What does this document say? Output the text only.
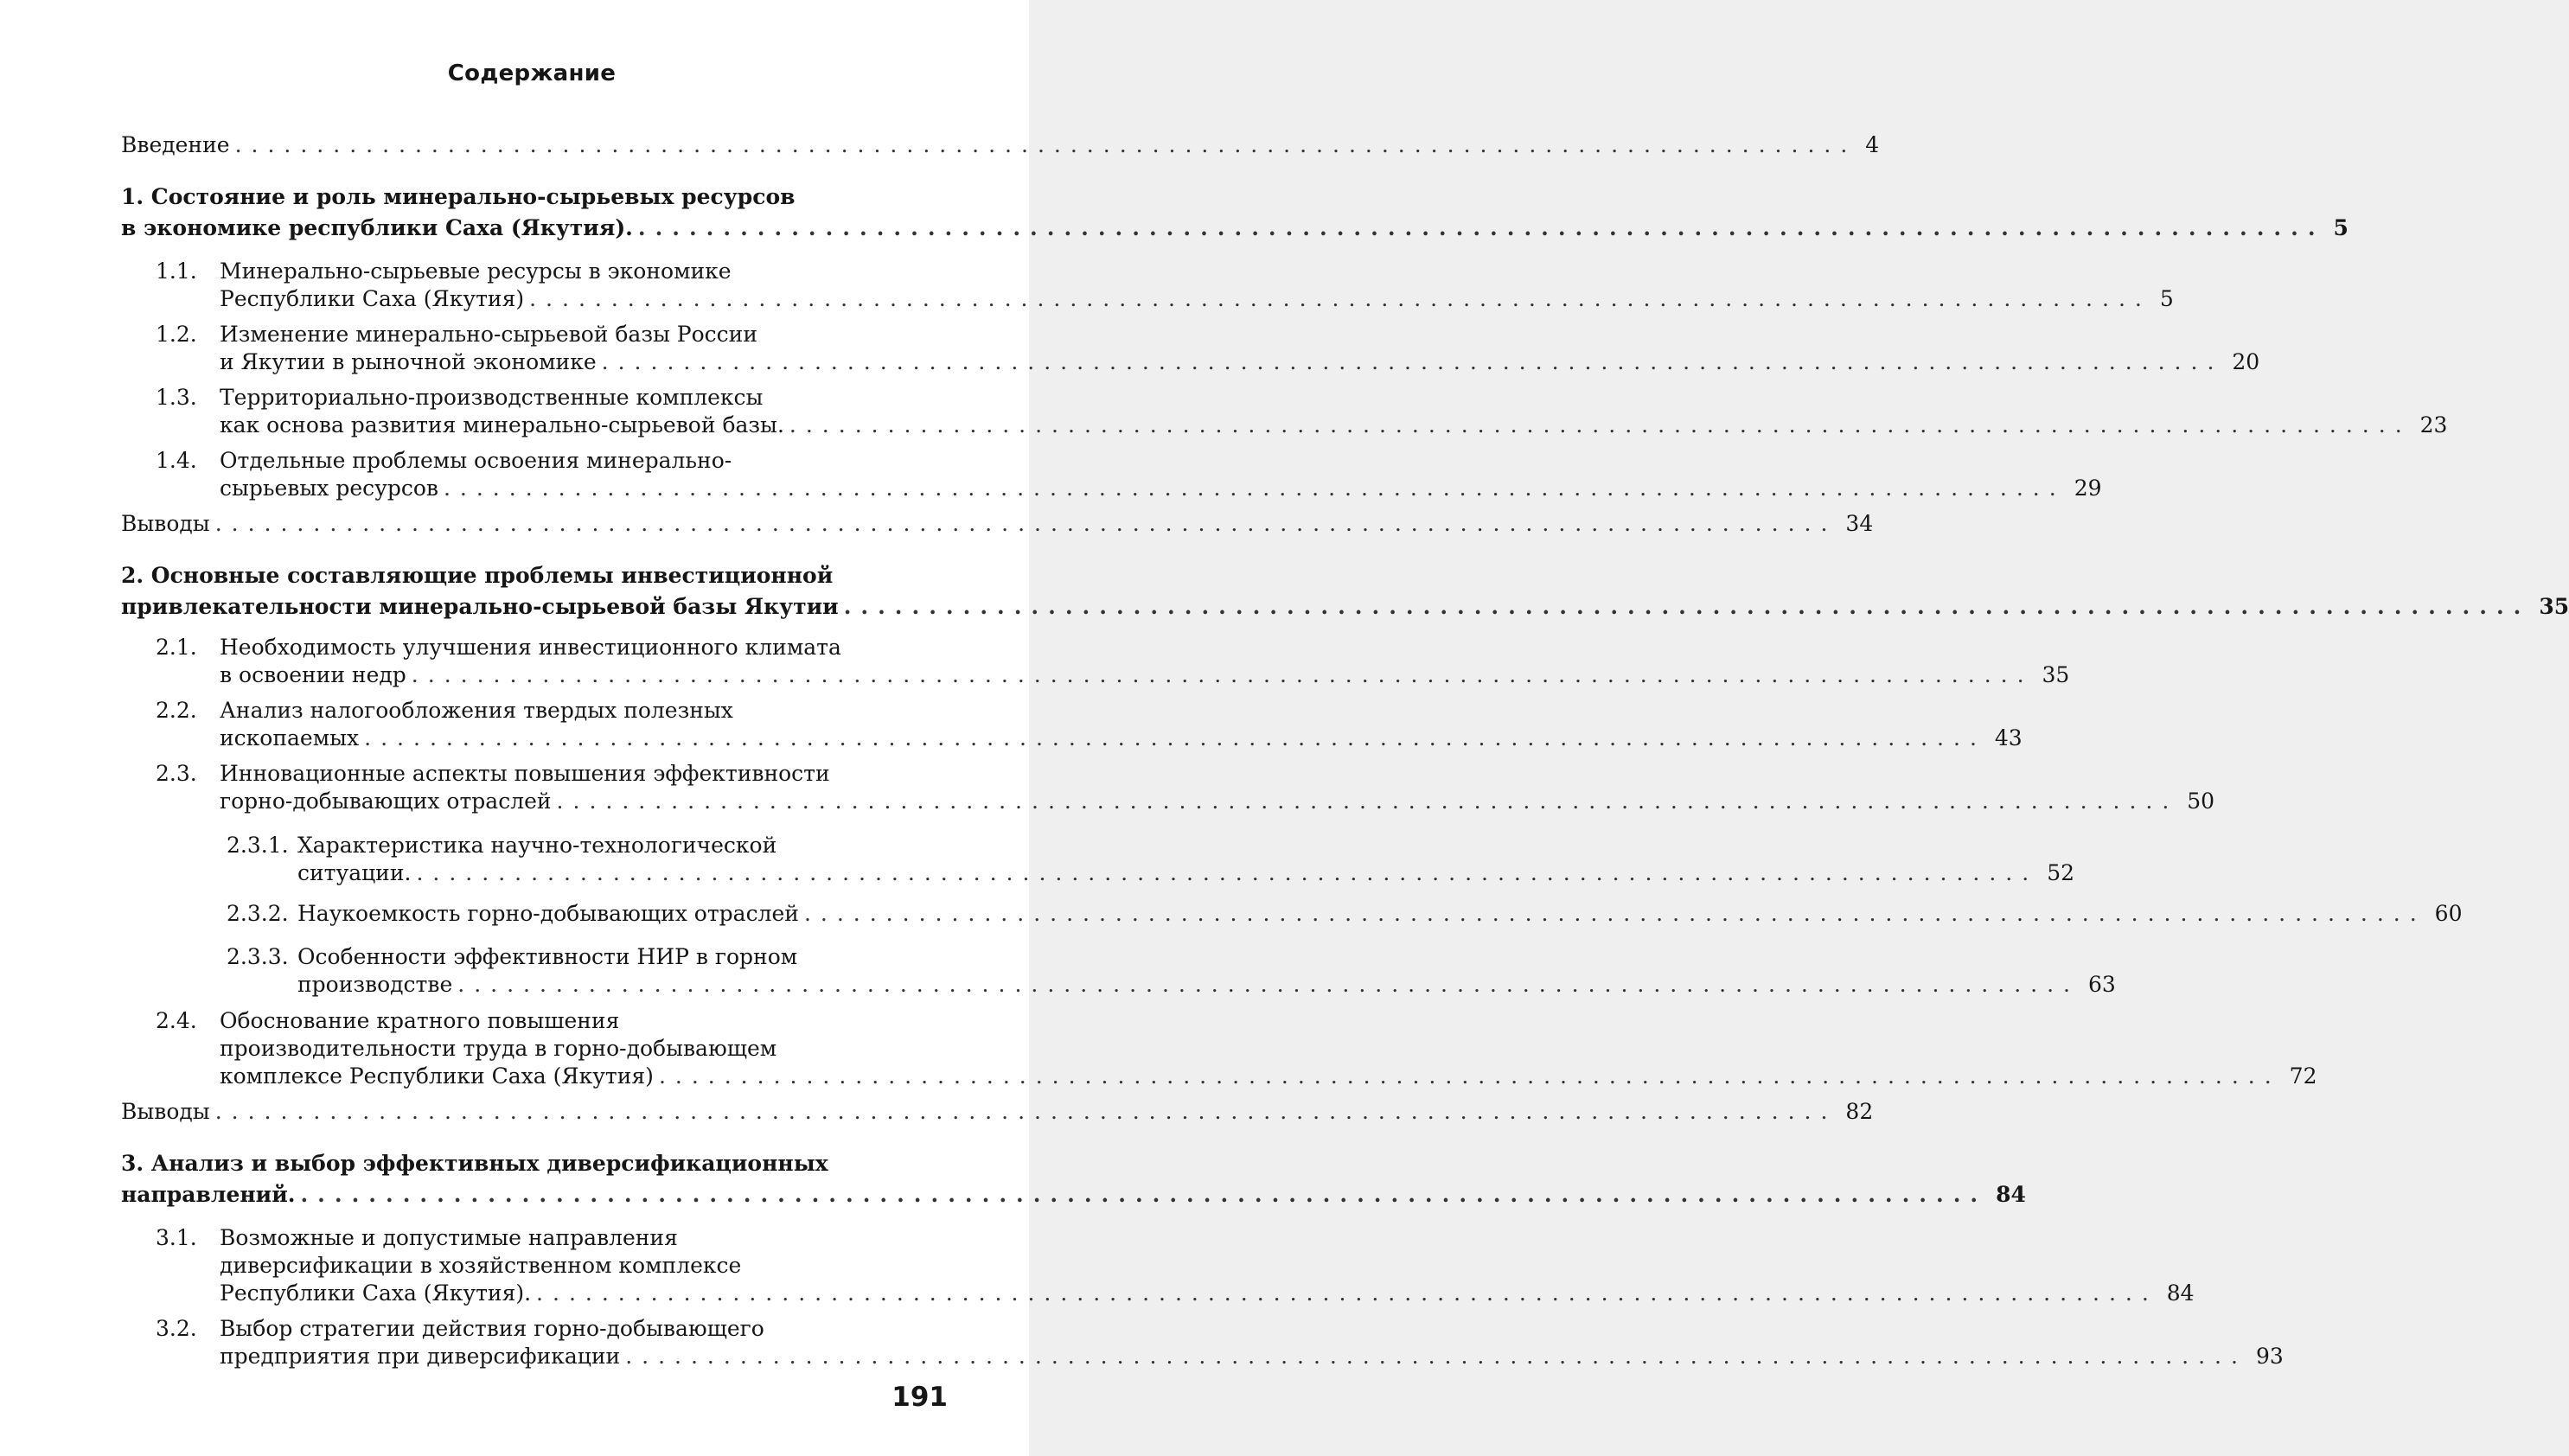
Содержание
Введение ................................................................................................... 4
1. Состояние и роль минерально-сырьевых ресурсов
в экономике республики Саха (Якутия). ................................................................................................... 5
1.1. Минерально-сырьевые ресурсы в экономике
Республики Саха (Якутия) ................................................................................................... 5
1.2. Изменение минерально-сырьевой базы России
и Якутии в рыночной экономике ................................................................................................... 20
1.3. Территориально-производственные комплексы
как основа развития минерально-сырьевой базы. ................................................................................................... 23
1.4. Отдельные проблемы освоения минерально-
сырьевых ресурсов ................................................................................................... 29
Выводы ................................................................................................... 34
2. Основные составляющие проблемы инвестиционной
привлекательности минерально-сырьевой базы Якутии ................................................................................................... 35
2.1. Необходимость улучшения инвестиционного климата
в освоении недр ................................................................................................... 35
2.2. Анализ налогообложения твердых полезных
ископаемых ................................................................................................... 43
2.3. Инновационные аспекты повышения эффективности
горно-добывающих отраслей ................................................................................................... 50
2.3.1. Характеристика научно-технологической
ситуации. ................................................................................................... 52
2.3.2. Наукоемкость горно-добывающих отраслей ................................................................................................... 60
2.3.3. Особенности эффективности НИР в горном
производстве ................................................................................................... 63
2.4. Обоснование кратного повышения
производительности труда в горно-добывающем
комплексе Республики Саха (Якутия) ................................................................................................... 72
Выводы ................................................................................................... 82
3. Анализ и выбор эффективных диверсификационных
направлений. ................................................................................................... 84
3.1. Возможные и допустимые направления
диверсификации в хозяйственном комплексе
Республики Саха (Якутия). ................................................................................................... 84
3.2. Выбор стратегии действия горно-добывающего
предприятия при диверсификации ................................................................................................... 93
191
